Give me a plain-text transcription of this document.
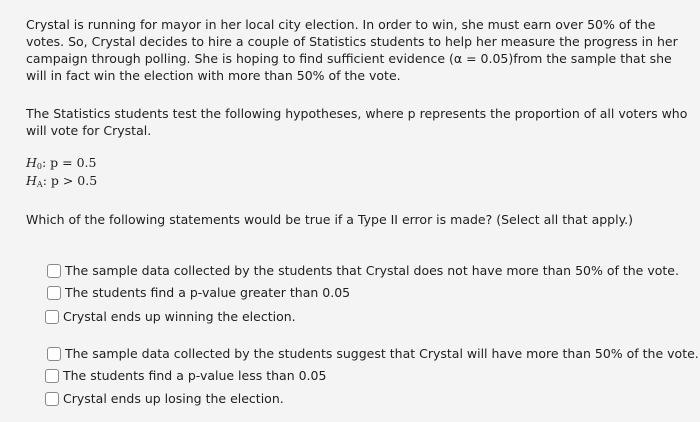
Crystal is running for mayor in her local city election. In order to win, she must earn over 50% of the votes. So, Crystal decides to hire a couple of Statistics students to help her measure the progress in her campaign through polling. She is hoping to find sufficient evidence (α = 0.05)from the sample that she will in fact win the election with more than 50% of the vote.

The Statistics students test the following hypotheses, where p represents the proportion of all voters who will vote for Crystal.

$H_0$: p = 0.5
$H_A$: p > 0.5
Which of the following statements would be true if a Type II error is made? (Select all that apply.)
The sample data collected by the students that Crystal does not have more than 50% of the vote.
The students find a p-value greater than 0.05
Crystal ends up winning the election.
The sample data collected by the students suggest that Crystal will have more than 50% of the vote.
The students find a p-value less than 0.05
Crystal ends up losing the election.
